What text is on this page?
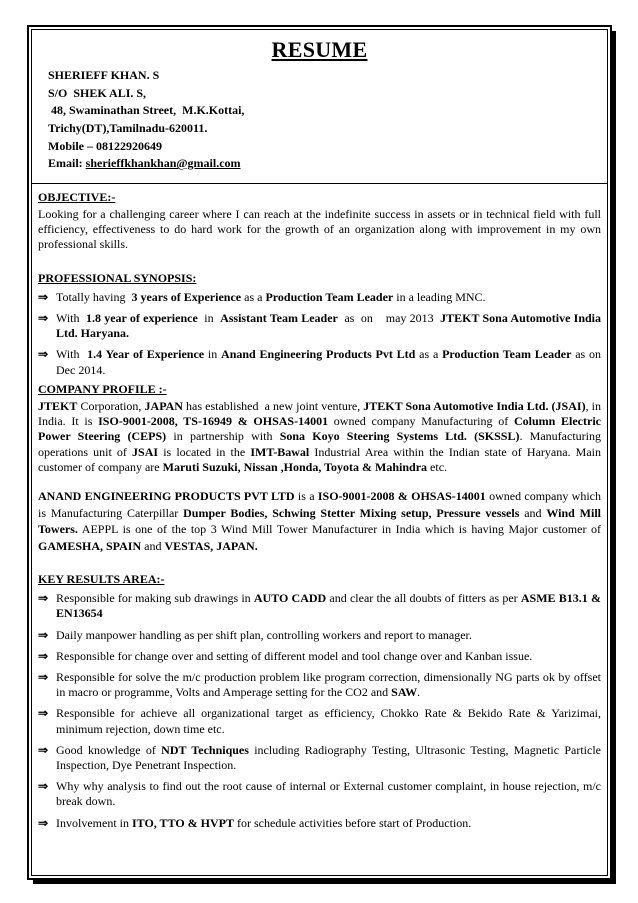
RESUME
SHERIEFF KHAN. S
S/O  SHEK ALI. S,
48, Swaminathan Street,  M.K.Kottai,
Trichy(DT),Tamilnadu-620011.
Mobile – 08122920649
Email: sherieffkhankhan@gmail.com
OBJECTIVE:-

Looking for a challenging career where I can reach at the indefinite success in assets or in technical field with full efficiency, effectiveness to do hard work for the growth of an organization along with improvement in my own professional skills.

PROFESSIONAL SYNOPSIS:
⇒ Totally having  3 years of Experience as a Production Team Leader in a leading MNC.
⇒ With  1.8 year of experience  in  Assistant Team Leader  as  on    may 2013  JTEKT Sona Automotive India Ltd. Haryana.
⇒ With  1.4 Year of Experience in Anand Engineering Products Pvt Ltd as a Production Team Leader as on Dec 2014.
COMPANY PROFILE :-

JTEKT Corporation, JAPAN has established  a new joint venture, JTEKT Sona Automotive India Ltd. (JSAI), in India. It is ISO-9001-2008, TS-16949 & OHSAS-14001 owned company Manufacturing of Column Electric Power Steering (CEPS) in partnership with Sona Koyo Steering Systems Ltd. (SKSSL). Manufacturing operations unit of JSAI is located in the IMT-Bawal Industrial Area within the Indian state of Haryana. Main customer of company are Maruti Suzuki, Nissan ,Honda, Toyota & Mahindra etc.

ANAND ENGINEERING PRODUCTS PVT LTD is a ISO-9001-2008 & OHSAS-14001 owned company which is Manufacturing Caterpillar Dumper Bodies, Schwing Stetter Mixing setup, Pressure vessels and Wind Mill Towers. AEPPL is one of the top 3 Wind Mill Tower Manufacturer in India which is having Major customer of GAMESHA, SPAIN and VESTAS, JAPAN.

KEY RESULTS AREA:-
⇒ Responsible for making sub drawings in AUTO CADD and clear the all doubts of fitters as per ASME B13.1 & EN13654
⇒ Daily manpower handling as per shift plan, controlling workers and report to manager.
⇒ Responsible for change over and setting of different model and tool change over and Kanban issue.
⇒ Responsible for solve the m/c production problem like program correction, dimensionally NG parts ok by offset in macro or programme, Volts and Amperage setting for the CO2 and SAW.
⇒ Responsible for achieve all organizational target as efficiency, Chokko Rate & Bekido Rate & Yarizimai, minimum rejection, down time etc.
⇒ Good knowledge of NDT Techniques including Radiography Testing, Ultrasonic Testing, Magnetic Particle Inspection, Dye Penetrant Inspection.
⇒ Why why analysis to find out the root cause of internal or External customer complaint, in house rejection, m/c break down.
⇒ Involvement in ITO, TTO & HVPT for schedule activities before start of Production.
